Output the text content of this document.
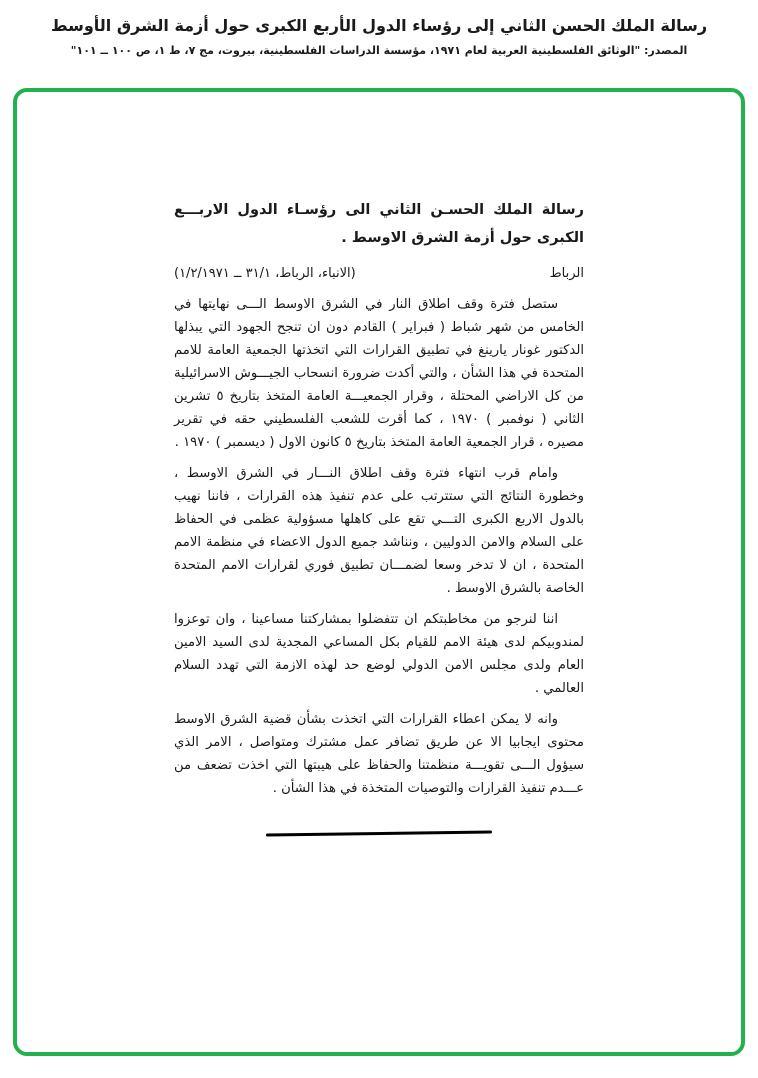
رسالة الملك الحسن الثاني إلى رؤساء الدول الأربع الكبرى حول أزمة الشرق الأوسط
المصدر: "الوثائق الفلسطينية العربية لعام ١٩٧١، مؤسسة الدراسات الفلسطينية، بيروت، مج ٧، ط ١، ص ١٠٠ ــ ١٠١"
رسالة الملك الحسـن الثاني الى رؤسـاء الدول الاربـــع
الكبرى حول أزمة الشرق الاوسط .
الرباط
(الانباء، الرباط، ٣١/١ ــ ١/٢/١٩٧١)

ستصل فترة وقف اطلاق النار في الشرق الاوسط الـــى نهايتها في الخامس من شهر شباط ( فبراير ) القادم دون ان تنجح الجهود التي يبذلها الدكتور غونار يارينغ في تطبيق القرارات التي اتخذتها الجمعية العامة للامم المتحدة في هذا الشأن ، والتي أكدت ضرورة انسحاب الجيـــوش الاسرائيلية من كل الاراضي المحتلة ، وقرار الجمعيـــة العامة المتخذ بتاريخ ٥ تشرين الثاني ( نوفمبر ) ١٩٧٠ ، كما أقرت للشعب الفلسطيني حقه في تقرير مصيره ، قرار الجمعية العامة المتخذ بتاريخ ٥ كانون الاول ( ديسمبر ) ١٩٧٠ .

وامام قرب انتهاء فترة وقف اطلاق النـــار في الشرق الاوسط ، وخطورة النتائج التي ستترتب على عدم تنفيذ هذه القرارات ، فاننا نهيب بالدول الاربع الكبرى التـــي تقع على كاهلها مسؤولية عظمى في الحفاظ على السلام والامن الدوليين ، ونناشد جميع الدول الاعضاء في منظمة الامم المتحدة ، ان لا تدخر وسعا لضمـــان تطبيق فوري لقرارات الامم المتحدة الخاصة بالشرق الاوسط .

اننا لنرجو من مخاطبتكم ان تتفضلوا بمشاركتنا مساعينا ، وان توعزوا لمندوبيكم لدى هيئة الامم للقيام بكل المساعي المجدية لدى السيد الامين العام ولدى مجلس الامن الدولي لوضع حد لهذه الازمة التي تهدد السلام العالمي .

وانه لا يمكن اعطاء القرارات التي اتخذت بشأن قضية الشرق الاوسط محتوى ايجابيا الا عن طريق تضافر عمل مشترك ومتواصل ، الامر الذي سيؤول الـــى تقويـــة منظمتنا والحفاظ على هيبتها التي اخذت تضعف من عـــدم تنفيذ القرارات والتوصيات المتخذة في هذا الشأن .
